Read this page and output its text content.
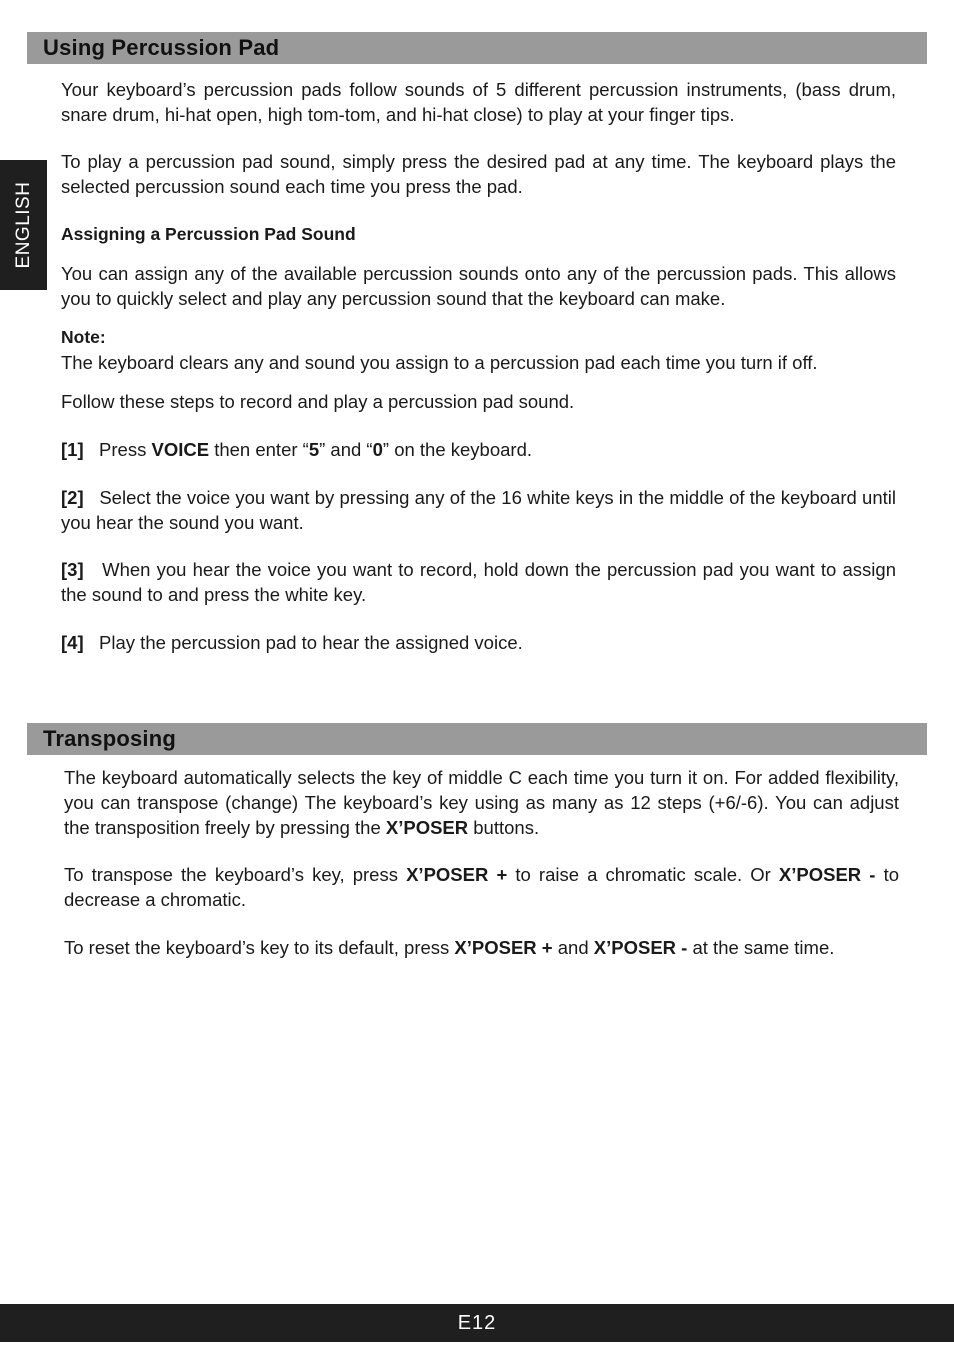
ENGLISH
Using Percussion Pad

Your keyboard’s percussion pads follow sounds of 5 different percussion instruments, (bass drum, snare drum, hi-hat open, high tom-tom, and hi-hat close) to play at your finger tips.

To play a percussion pad sound, simply press the desired pad at any time. The keyboard plays the selected percussion sound each time you press the pad.

Assigning a Percussion Pad Sound

You can assign any of the available percussion sounds onto any of the percussion pads. This allows you to quickly select and play any percussion sound that the keyboard can make.

Note:

The keyboard clears any and sound you assign to a percussion pad each time you turn if off.

Follow these steps to record and play a percussion pad sound.

[1] Press VOICE then enter “5” and “0” on the keyboard.

[2] Select the voice you want by pressing any of the 16 white keys in the middle of the keyboard until you hear the sound you want.

[3] When you hear the voice you want to record, hold down the percussion pad you want to assign the sound to and press the white key.

[4] Play the percussion pad to hear the assigned voice.

Transposing

The keyboard automatically selects the key of middle C each time you turn it on. For added flexibility, you can transpose (change) The keyboard’s key using as many as 12 steps (+6/-6). You can adjust the transposition freely by pressing the X’POSER buttons.

To transpose the keyboard’s key, press X’POSER + to raise a chromatic scale. Or X’POSER - to decrease a chromatic.

To reset the keyboard’s key to its default, press X’POSER + and X’POSER - at the same time.

E12
